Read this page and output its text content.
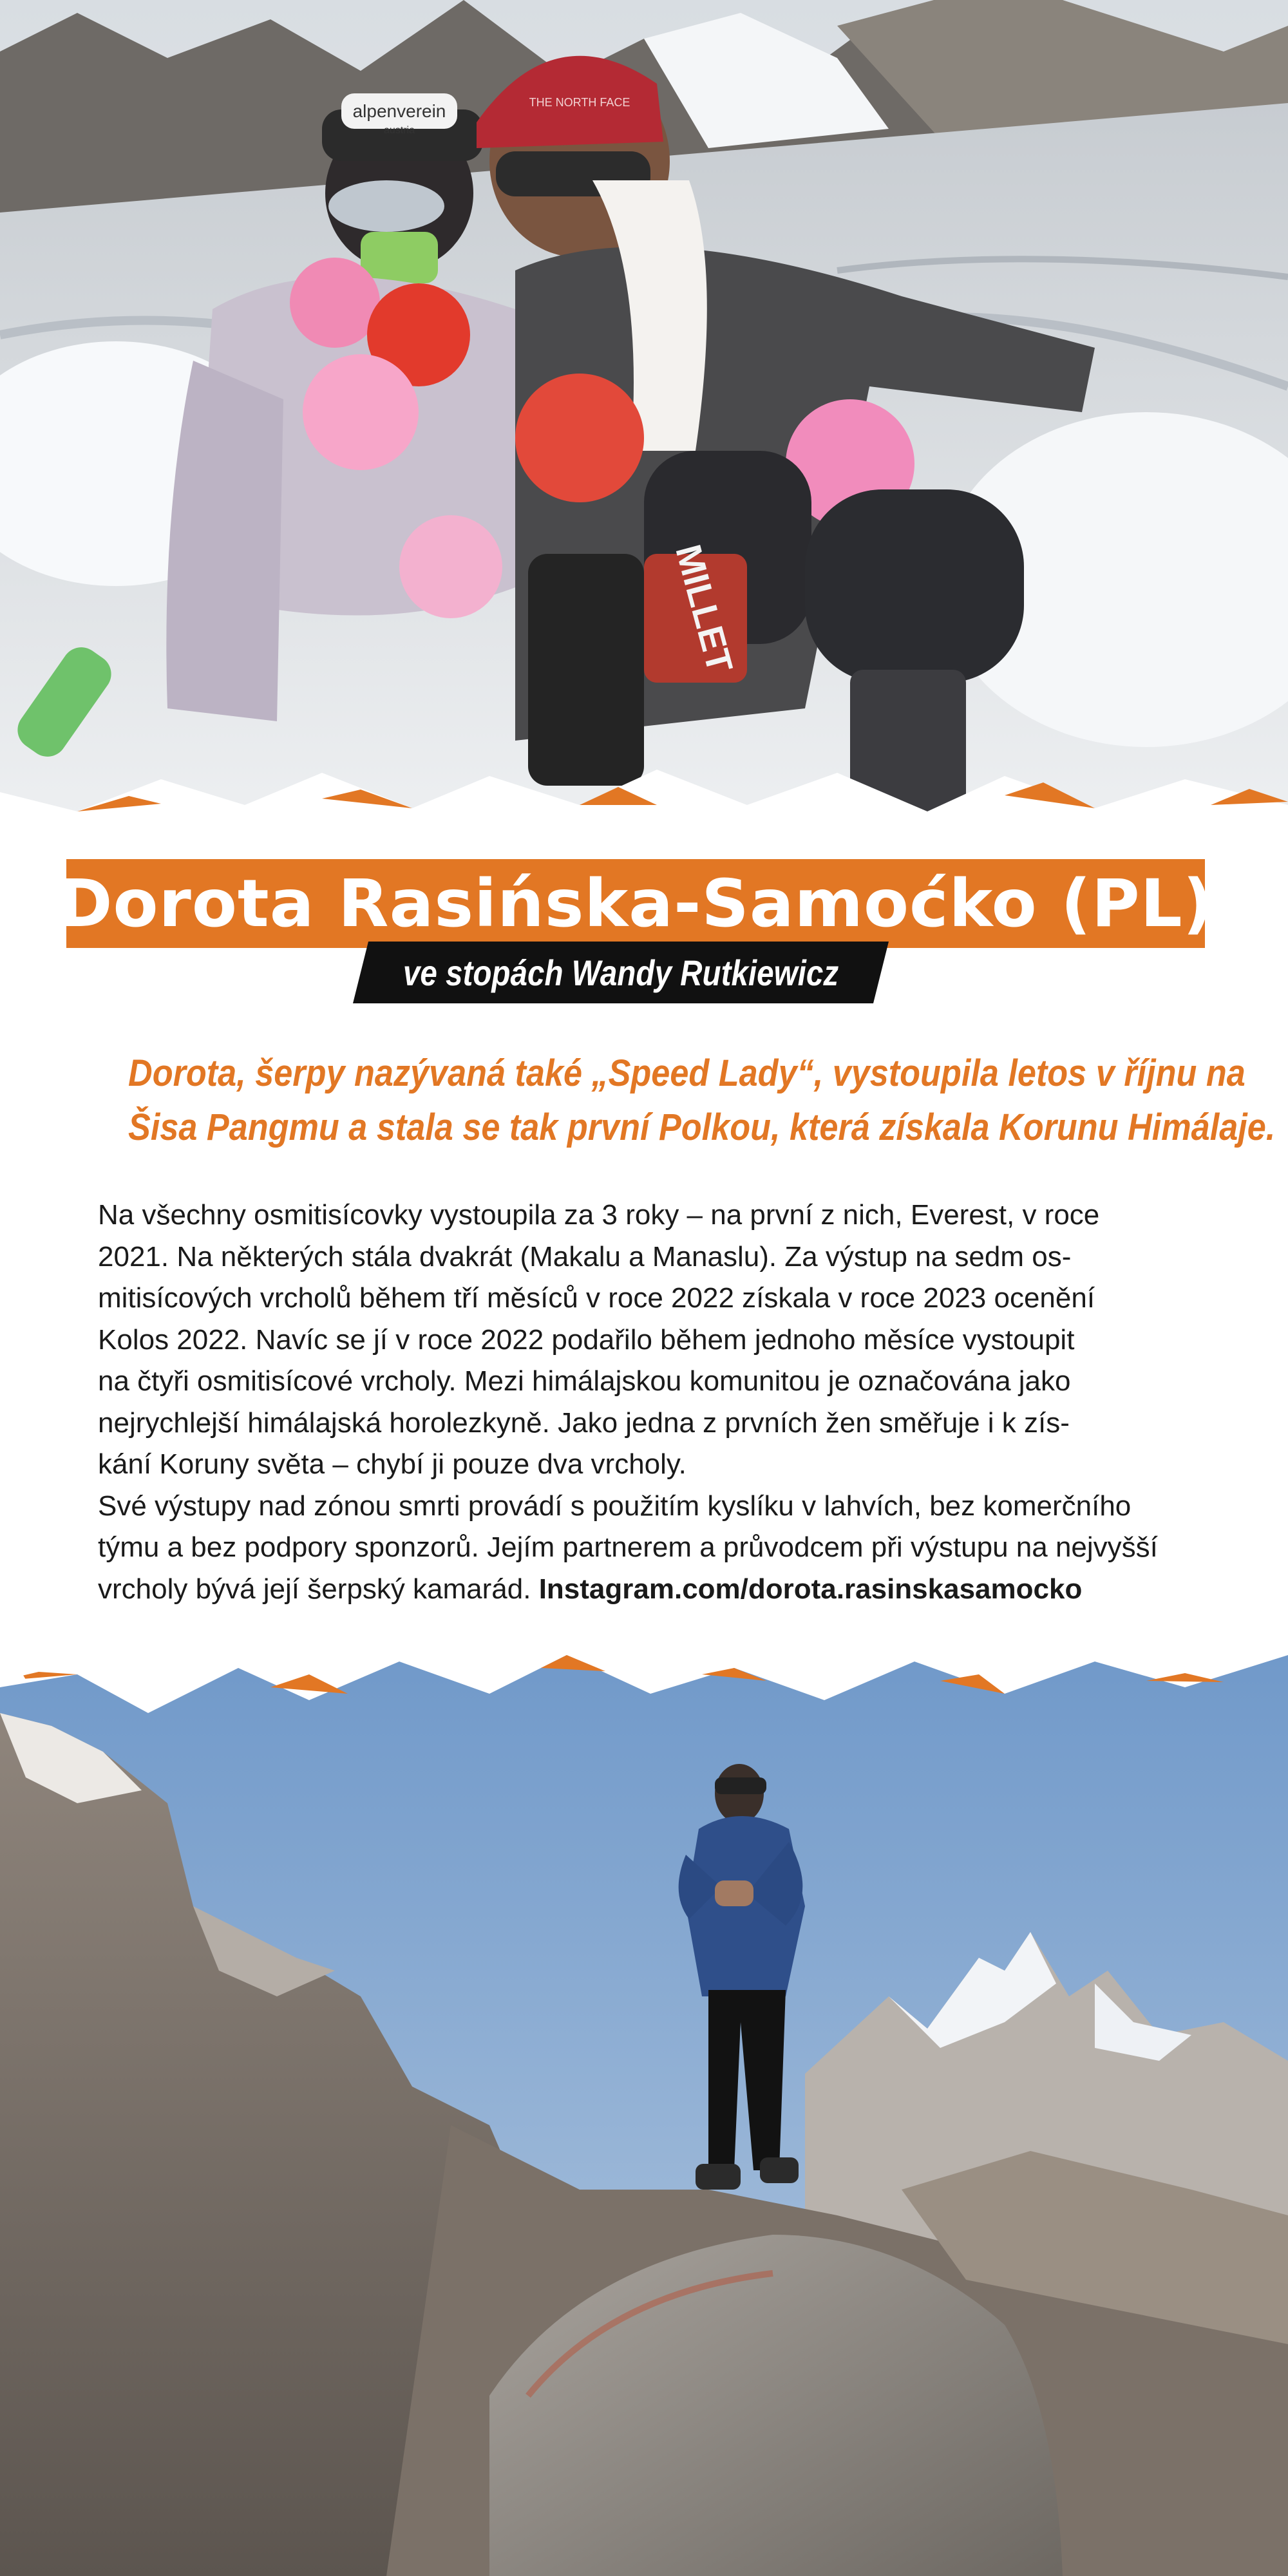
alpenverein
austria
THE NORTH FACE
MILLET
Dorota Rasińska-Samoćko (PL)
ve stopách Wandy Rutkiewicz
Dorota, šerpy nazývaná také „Speed Lady“, vystoupila letos v říjnu na
Šisa Pangmu a stala se tak první Polkou, která získala Korunu Himálaje.
Na všechny osmitisícovky vystoupila za 3 roky – na první z nich, Everest, v roce
2021. Na některých stála dvakrát (Makalu a Manaslu). Za výstup na sedm os-
mitisícových vrcholů během tří měsíců v roce 2022 získala v roce 2023 ocenění
Kolos 2022. Navíc se jí v roce 2022 podařilo během jednoho měsíce vystoupit
na čtyři osmitisícové vrcholy. Mezi himálajskou komunitou je označována jako
nejrychlejší himálajská horolezkyně. Jako jedna z prvních žen směřuje i k zís-
kání Koruny světa – chybí ji pouze dva vrcholy.
Své výstupy nad zónou smrti provádí s použitím kyslíku v lahvích, bez komerčního
týmu a bez podpory sponzorů. Jejím partnerem a průvodcem při výstupu na nejvyšší
vrcholy bývá její šerpský kamarád. Instagram.com/dorota.rasinskasamocko
